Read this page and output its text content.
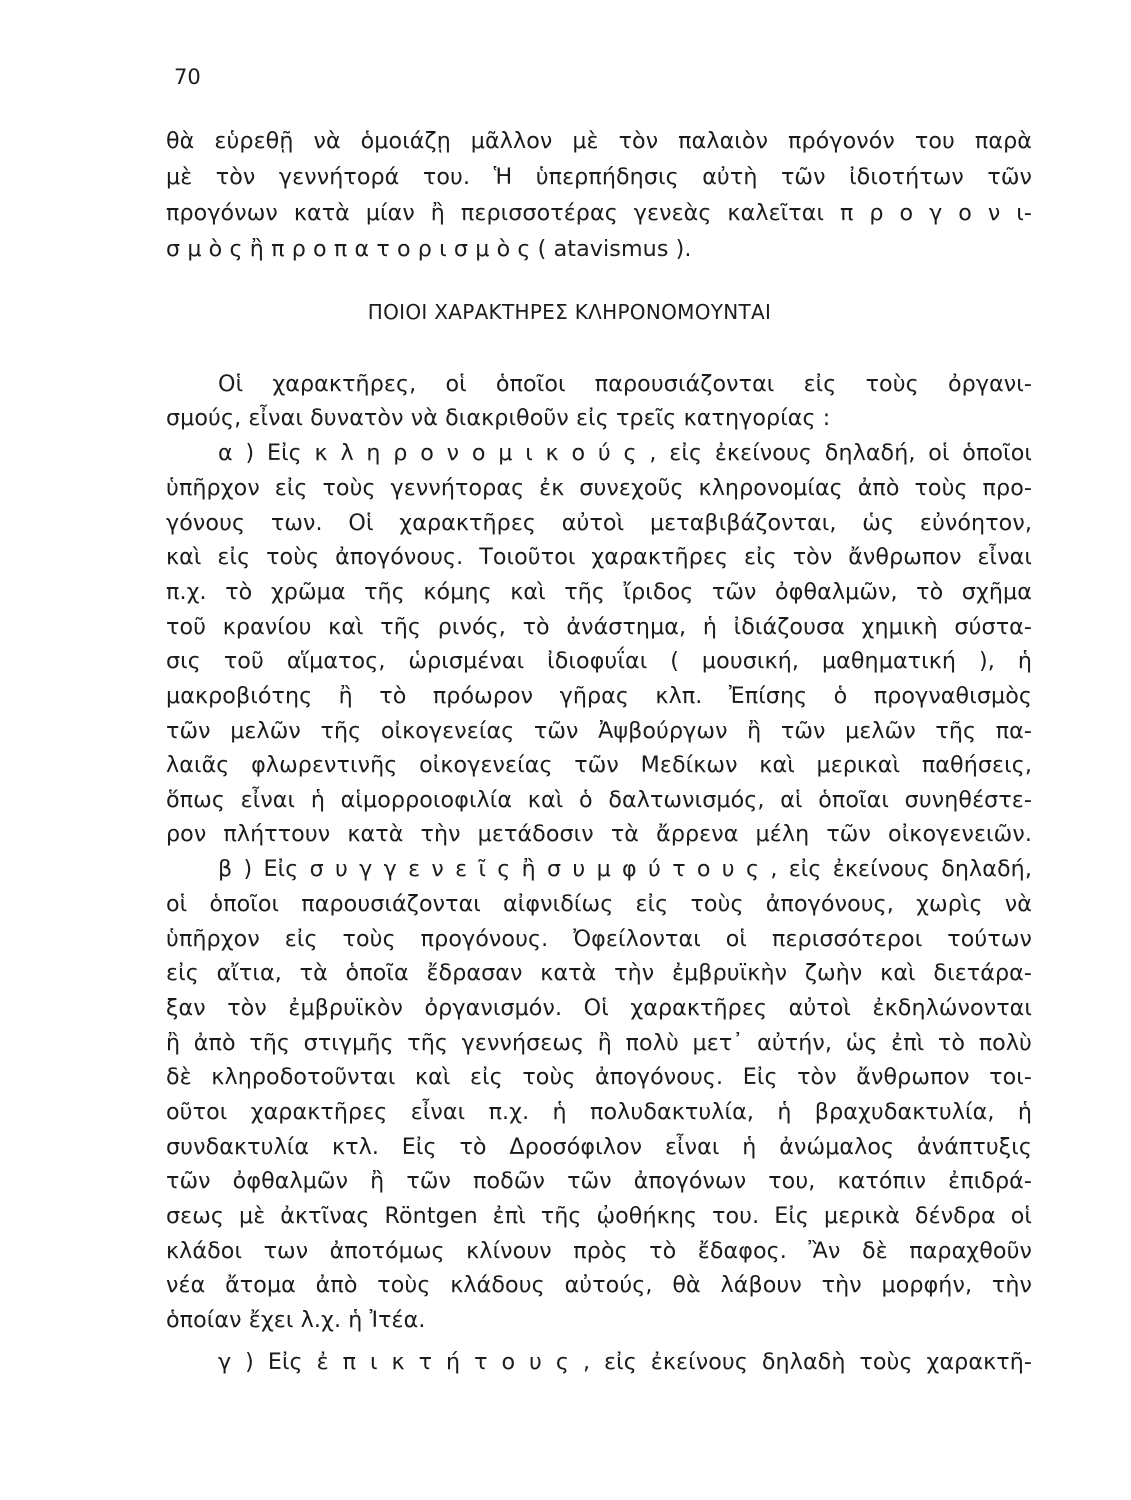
70
θὰ εὑρεθῇ νὰ ὁμοιάζῃ μᾶλλον μὲ τὸν παλαιὸν πρόγονόν του παρὰ
μὲ τὸν γεννήτορά του. Ἡ ὑπερπήδησις αὐτὴ τῶν ἰδιοτήτων τῶν
προγόνων κατὰ μίαν ἢ περισσοτέρας γενεὰς καλεῖται π ρ ο γ ο ν ι-
σ μ ὸ ς ἢ π ρ ο π α τ ο ρ ι σ μ ὸ ς ( atavismus ).
ΠΟΙΟΙ ΧΑΡΑΚΤΗΡΕΣ ΚΛΗΡΟΝΟΜΟΥΝΤΑΙ
Οἱ χαρακτῆρες, οἱ ὁποῖοι παρουσιάζονται εἰς τοὺς ὀργανι-
σμούς, εἶναι δυνατὸν νὰ διακριθοῦν εἰς τρεῖς κατηγορίας :
α ) Εἰς κ λ η ρ ο ν ο μ ι κ ο ύ ς , εἰς ἐκείνους δηλαδή, οἱ ὁποῖοι
ὑπῆρχον εἰς τοὺς γεννήτορας ἐκ συνεχοῦς κληρονομίας ἀπὸ τοὺς προ-
γόνους των. Οἱ χαρακτῆρες αὐτοὶ μεταβιβάζονται, ὡς εὐνόητον,
καὶ εἰς τοὺς ἀπογόνους. Τοιοῦτοι χαρακτῆρες εἰς τὸν ἄνθρωπον εἶναι
π.χ. τὸ χρῶμα τῆς κόμης καὶ τῆς ἴριδος τῶν ὀφθαλμῶν, τὸ σχῆμα
τοῦ κρανίου καὶ τῆς ρινός, τὸ ἀνάστημα, ἡ ἰδιάζουσα χημικὴ σύστα-
σις τοῦ αἵματος, ὡρισμέναι ἰδιοφυΐαι ( μουσική, μαθηματική ), ἡ
μακροβιότης ἢ τὸ πρόωρον γῆρας κλπ. Ἐπίσης ὁ προγναθισμὸς
τῶν μελῶν τῆς οἰκογενείας τῶν Ἀψβούργων ἢ τῶν μελῶν τῆς πα-
λαιᾶς φλωρεντινῆς οἰκογενείας τῶν Μεδίκων καὶ μερικαὶ παθήσεις,
ὅπως εἶναι ἡ αἱμορροιοφιλία καὶ ὁ δαλτωνισμός, αἱ ὁποῖαι συνηθέστε-
ρον πλήττουν κατὰ τὴν μετάδοσιν τὰ ἄρρενα μέλη τῶν οἰκογενειῶν.
β ) Εἰς σ υ γ γ ε ν ε ῖ ς ἢ σ υ μ φ ύ τ ο υ ς , εἰς ἐκείνους δηλαδή,
οἱ ὁποῖοι παρουσιάζονται αἰφνιδίως εἰς τοὺς ἀπογόνους, χωρὶς νὰ
ὑπῆρχον εἰς τοὺς προγόνους. Ὀφείλονται οἱ περισσότεροι τούτων
εἰς αἴτια, τὰ ὁποῖα ἔδρασαν κατὰ τὴν ἐμβρυϊκὴν ζωὴν καὶ διετάρα-
ξαν τὸν ἐμβρυϊκὸν ὀργανισμόν. Οἱ χαρακτῆρες αὐτοὶ ἐκδηλώνονται
ἢ ἀπὸ τῆς στιγμῆς τῆς γεννήσεως ἢ πολὺ μετ᾽ αὐτήν, ὡς ἐπὶ τὸ πολὺ
δὲ κληροδοτοῦνται καὶ εἰς τοὺς ἀπογόνους. Εἰς τὸν ἄνθρωπον τοι-
οῦτοι χαρακτῆρες εἶναι π.χ. ἡ πολυδακτυλία, ἡ βραχυδακτυλία, ἡ
συνδακτυλία κτλ. Εἰς τὸ Δροσόφιλον εἶναι ἡ ἀνώμαλος ἀνάπτυξις
τῶν ὀφθαλμῶν ἢ τῶν ποδῶν τῶν ἀπογόνων του, κατόπιν ἐπιδρά-
σεως μὲ ἀκτῖνας Röntgen ἐπὶ τῆς ᾠοθήκης του. Εἰς μερικὰ δένδρα οἱ
κλάδοι των ἀποτόμως κλίνουν πρὸς τὸ ἔδαφος. Ἂν δὲ παραχθοῦν
νέα ἄτομα ἀπὸ τοὺς κλάδους αὐτούς, θὰ λάβουν τὴν μορφήν, τὴν
ὁποίαν ἔχει λ.χ. ἡ Ἰτέα.
γ ) Εἰς ἐ π ι κ τ ή τ ο υ ς , εἰς ἐκείνους δηλαδὴ τοὺς χαρακτῆ-
